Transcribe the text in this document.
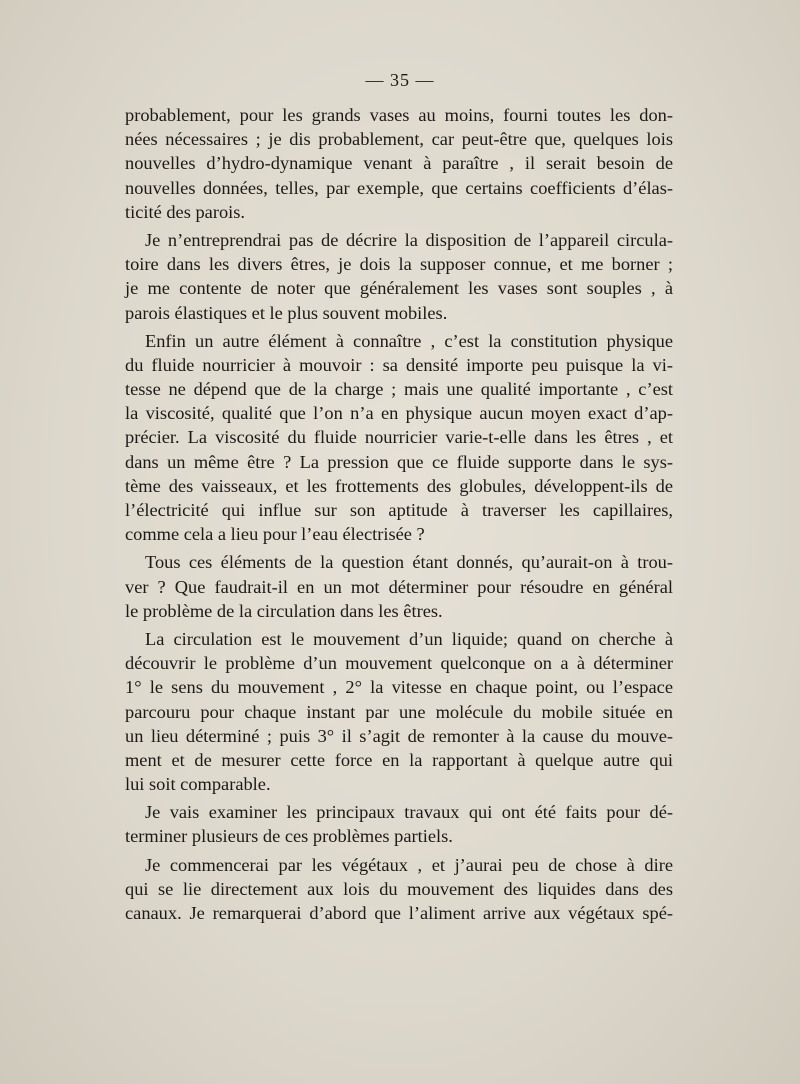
— 35 —
probablement, pour les grands vases au moins, fourni toutes les don-
nées nécessaires ; je dis probablement, car peut-être que, quelques lois
nouvelles d’hydro-dynamique venant à paraître , il serait besoin de
nouvelles données, telles, par exemple, que certains coefficients d’élas-
ticité des parois.
Je n’entreprendrai pas de décrire la disposition de l’appareil circula-
toire dans les divers êtres, je dois la supposer connue, et me borner ;
je me contente de noter que généralement les vases sont souples , à
parois élastiques et le plus souvent mobiles.
Enfin un autre élément à connaître , c’est la constitution physique
du fluide nourricier à mouvoir : sa densité importe peu puisque la vi-
tesse ne dépend que de la charge ; mais une qualité importante , c’est
la viscosité, qualité que l’on n’a en physique aucun moyen exact d’ap-
précier. La viscosité du fluide nourricier varie-t-elle dans les êtres , et
dans un même être ? La pression que ce fluide supporte dans le sys-
tème des vaisseaux, et les frottements des globules, développent-ils de
l’électricité qui influe sur son aptitude à traverser les capillaires,
comme cela a lieu pour l’eau électrisée ?
Tous ces éléments de la question étant donnés, qu’aurait-on à trou-
ver ? Que faudrait-il en un mot déterminer pour résoudre en général
le problème de la circulation dans les êtres.
La circulation est le mouvement d’un liquide; quand on cherche à
découvrir le problème d’un mouvement quelconque on a à déterminer
1° le sens du mouvement , 2° la vitesse en chaque point, ou l’espace
parcouru pour chaque instant par une molécule du mobile située en
un lieu déterminé ; puis 3° il s’agit de remonter à la cause du mouve-
ment et de mesurer cette force en la rapportant à quelque autre qui
lui soit comparable.
Je vais examiner les principaux travaux qui ont été faits pour dé-
terminer plusieurs de ces problèmes partiels.
Je commencerai par les végétaux , et j’aurai peu de chose à dire
qui se lie directement aux lois du mouvement des liquides dans des
canaux. Je remarquerai d’abord que l’aliment arrive aux végétaux spé-
